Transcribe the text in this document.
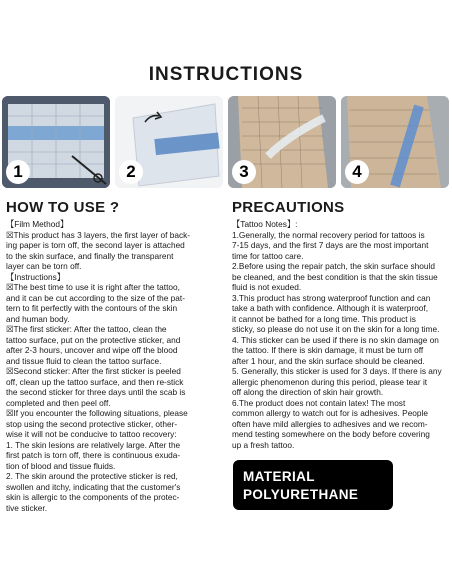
INSTRUCTIONS
1	2	3	4
HOW TO USE ?

【Film Method】

☒This product has 3 layers, the first layer of back-

ing paper is torn off, the second layer is attached

to the skin surface, and finally the transparent

layer can be torn off.

【Instructions】

☒The best time to use it is right after the tattoo,

and it can be cut according to the size of the pat-

tern to fit perfectly with the contours of the skin

and human body.

☒The first sticker: After the tattoo, clean the

tattoo surface, put on the protective sticker, and

after 2-3 hours, uncover and wipe off the blood

and tissue fluid to clean the tattoo surface.

☒Second sticker: After the first sticker is peeled

off, clean up the tattoo surface, and then re-stick

the second sticker for three days until the scab is

completed and then peel off.

☒If you encounter the following situations, please

stop using the second protective sticker, other-

wise it will not be conducive to tattoo recovery:

1. The skin lesions are relatively large. After the

first patch is torn off, there is continuous exuda-

tion of blood and tissue fluids.

2. The skin around the protective sticker is red,

swollen and itchy, indicating that the customer's

skin is allergic to the components of the protec-

tive sticker.

PRECAUTIONS

【Tattoo Notes】:

1.Generally, the normal recovery period for tattoos is

7-15 days, and the first 7 days are the most important

time for tattoo care.

2.Before using the repair patch, the skin surface should

be cleaned, and the best condition is that the skin tissue

fluid is not exuded.

3.This product has strong waterproof function and can

take a bath with confidence. Although it is waterproof,

it cannot be bathed for a long time. This product is

sticky, so please do not use it on the skin for a long time.

4. This sticker can be used if there is no skin damage on

the tattoo. If there is skin damage, it must be turn off

after 1 hour, and the skin surface should be cleaned.

5. Generally, this sticker is used for 3 days. If there is any

allergic phenomenon during this period, please tear it

off along the direction of skin hair growth.

6.The product does not contain latex! The most

common allergy to watch out for is adhesives. People

often have mild allergies to adhesives and we recom-

mend testing somewhere on the body before covering

up a fresh tattoo.

MATERIAL
POLYURETHANE
